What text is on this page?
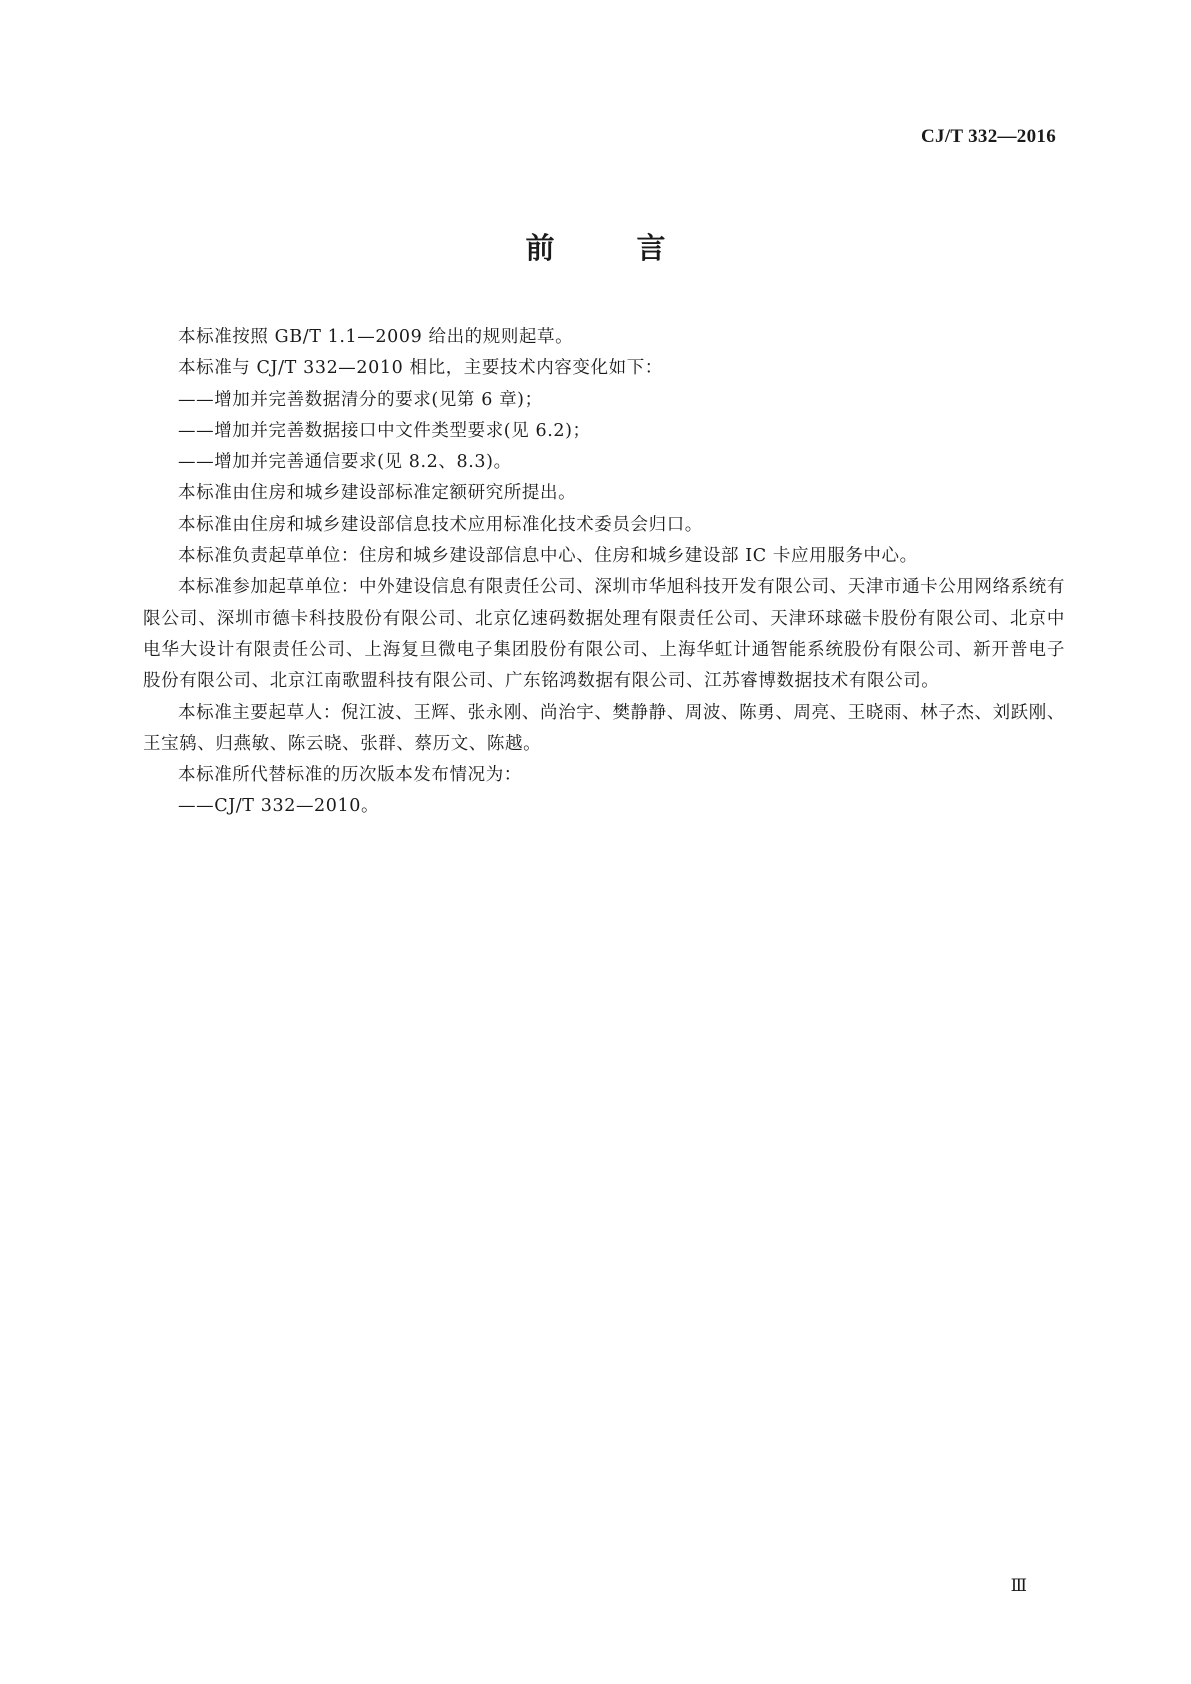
CJ/T 332—2016
前 言

本标准按照 GB/T 1.1—2009 给出的规则起草。

本标准与 CJ/T 332—2010 相比，主要技术内容变化如下：

——增加并完善数据清分的要求(见第 6 章)；

——增加并完善数据接口中文件类型要求(见 6.2)；

——增加并完善通信要求(见 8.2、8.3)。

本标准由住房和城乡建设部标准定额研究所提出。

本标准由住房和城乡建设部信息技术应用标准化技术委员会归口。

本标准负责起草单位：住房和城乡建设部信息中心、住房和城乡建设部 IC 卡应用服务中心。

本标准参加起草单位：中外建设信息有限责任公司、深圳市华旭科技开发有限公司、天津市通卡公用网络系统有限公司、深圳市德卡科技股份有限公司、北京亿速码数据处理有限责任公司、天津环球磁卡股份有限公司、北京中电华大设计有限责任公司、上海复旦微电子集团股份有限公司、上海华虹计通智能系统股份有限公司、新开普电子股份有限公司、北京江南歌盟科技有限公司、广东铭鸿数据有限公司、江苏睿博数据技术有限公司。

本标准主要起草人：倪江波、王辉、张永刚、尚治宇、樊静静、周波、陈勇、周亮、王晓雨、林子杰、刘跃刚、王宝鸫、归燕敏、陈云晓、张群、蔡历文、陈越。

本标准所代替标准的历次版本发布情况为：

——CJ/T 332—2010。

Ⅲ
